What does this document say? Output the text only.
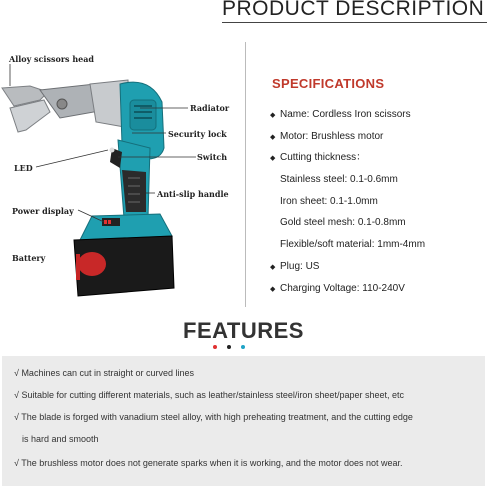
PRODUCT DESCRIPTION
Alloy scissors head
Radiator
Security lock
Switch
LED
Anti-slip handle
Power display
Battery
SPECIFICATIONS
◆ Name: Cordless Iron scissors
◆ Motor: Brushless motor
◆ Cutting thickness：
Stainless steel: 0.1-0.6mm
Iron sheet: 0.1-1.0mm
Gold steel mesh: 0.1-0.8mm
Flexible/soft material: 1mm-4mm
◆ Plug: US
◆ Charging Voltage: 110-240V
FEATURES
√ Machines can cut in straight or curved lines
√ Suitable for cutting different materials, such as leather/stainless steel/iron sheet/paper sheet, etc
√ The blade is forged with vanadium steel alloy, with high preheating treatment, and the cutting edge
is hard and smooth
√ The brushless motor does not generate sparks when it is working, and the motor does not wear.
